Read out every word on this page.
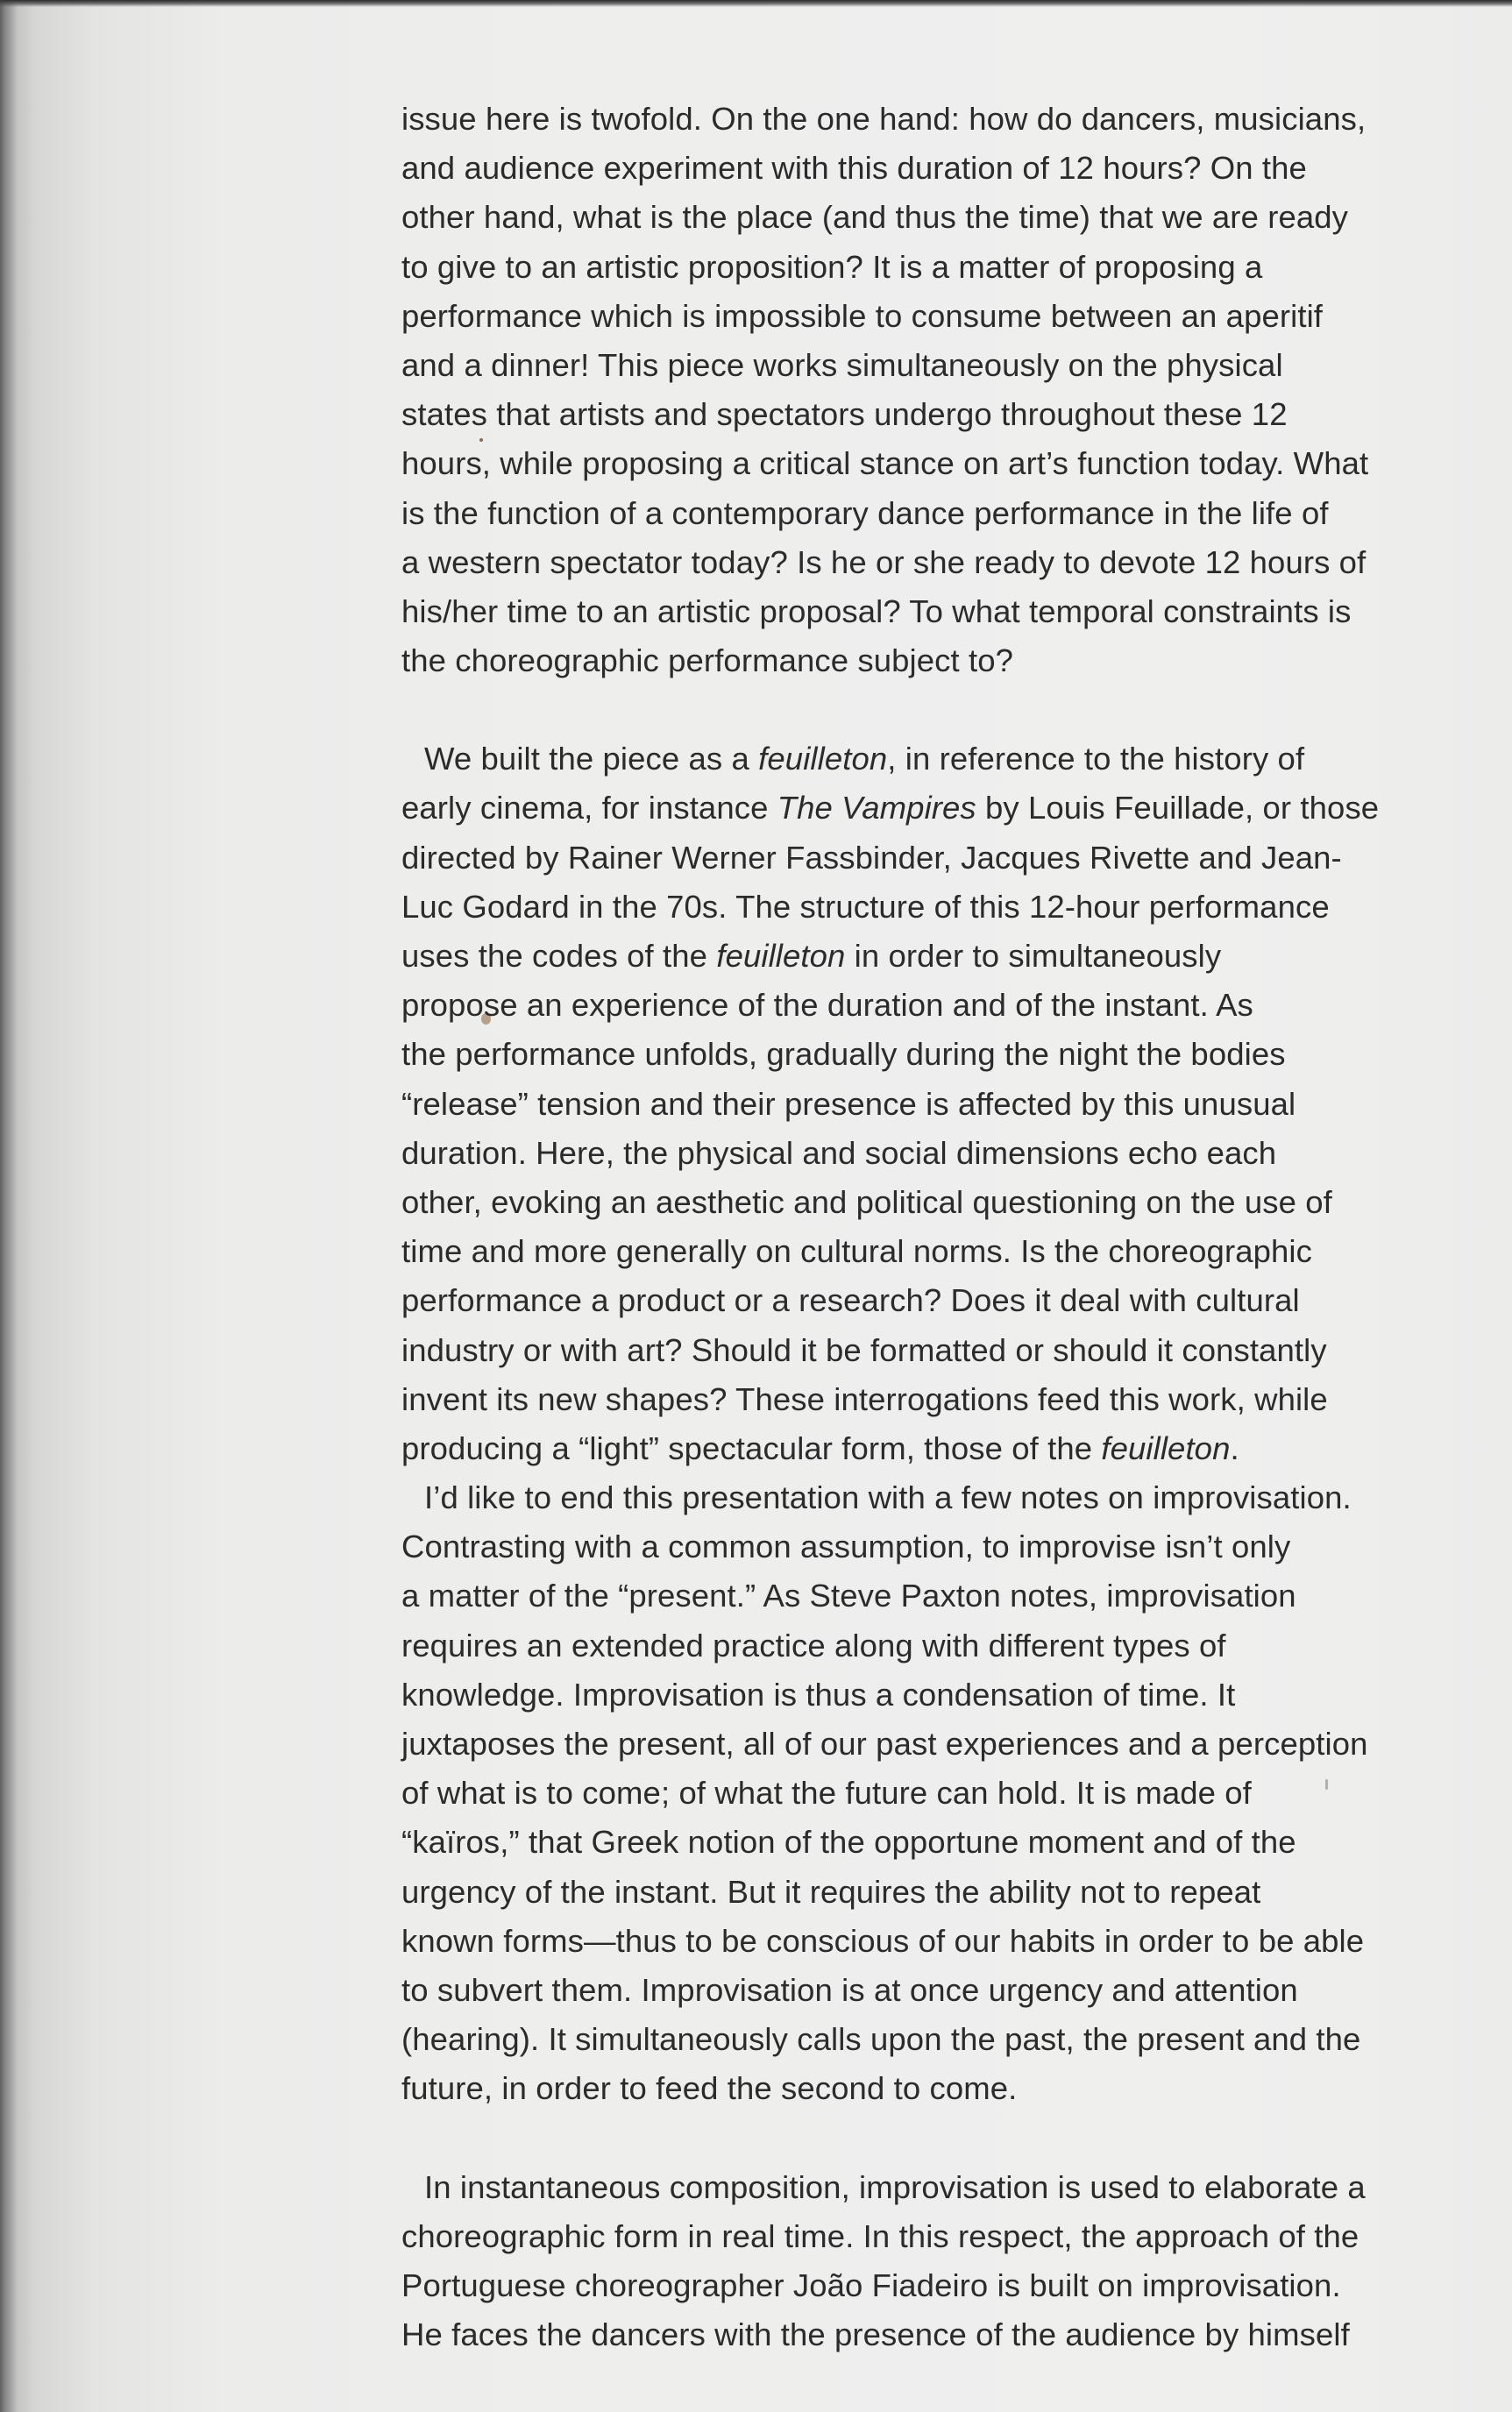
issue here is twofold. On the one hand: how do dancers, musicians,
and audience experiment with this duration of 12 hours? On the
other hand, what is the place (and thus the time) that we are ready
to give to an artistic proposition? It is a matter of proposing a
performance which is impossible to consume between an aperitif
and a dinner! This piece works simultaneously on the physical
states that artists and spectators undergo throughout these 12
hours, while proposing a critical stance on art’s function today. What
is the function of a contemporary dance performance in the life of
a western spectator today? Is he or she ready to devote 12 hours of
his/her time to an artistic proposal? To what temporal constraints is
the choreographic performance subject to?
We built the piece as a feuilleton, in reference to the history of
early cinema, for instance The Vampires by Louis Feuillade, or those
directed by Rainer Werner Fassbinder, Jacques Rivette and Jean-
Luc Godard in the 70s. The structure of this 12-hour performance
uses the codes of the feuilleton in order to simultaneously
propose an experience of the duration and of the instant. As
the performance unfolds, gradually during the night the bodies
“release” tension and their presence is affected by this unusual
duration. Here, the physical and social dimensions echo each
other, evoking an aesthetic and political questioning on the use of
time and more generally on cultural norms. Is the choreographic
performance a product or a research? Does it deal with cultural
industry or with art? Should it be formatted or should it constantly
invent its new shapes? These interrogations feed this work, while
producing a “light” spectacular form, those of the feuilleton.
I’d like to end this presentation with a few notes on improvisation.
Contrasting with a common assumption, to improvise isn’t only
a matter of the “present.” As Steve Paxton notes, improvisation
requires an extended practice along with different types of
knowledge. Improvisation is thus a condensation of time. It
juxtaposes the present, all of our past experiences and a perception
of what is to come; of what the future can hold. It is made of
“kaïros,” that Greek notion of the opportune moment and of the
urgency of the instant. But it requires the ability not to repeat
known forms—thus to be conscious of our habits in order to be able
to subvert them. Improvisation is at once urgency and attention
(hearing). It simultaneously calls upon the past, the present and the
future, in order to feed the second to come.
In instantaneous composition, improvisation is used to elaborate a
choreographic form in real time. In this respect, the approach of the
Portuguese choreographer João Fiadeiro is built on improvisation.
He faces the dancers with the presence of the audience by himself
